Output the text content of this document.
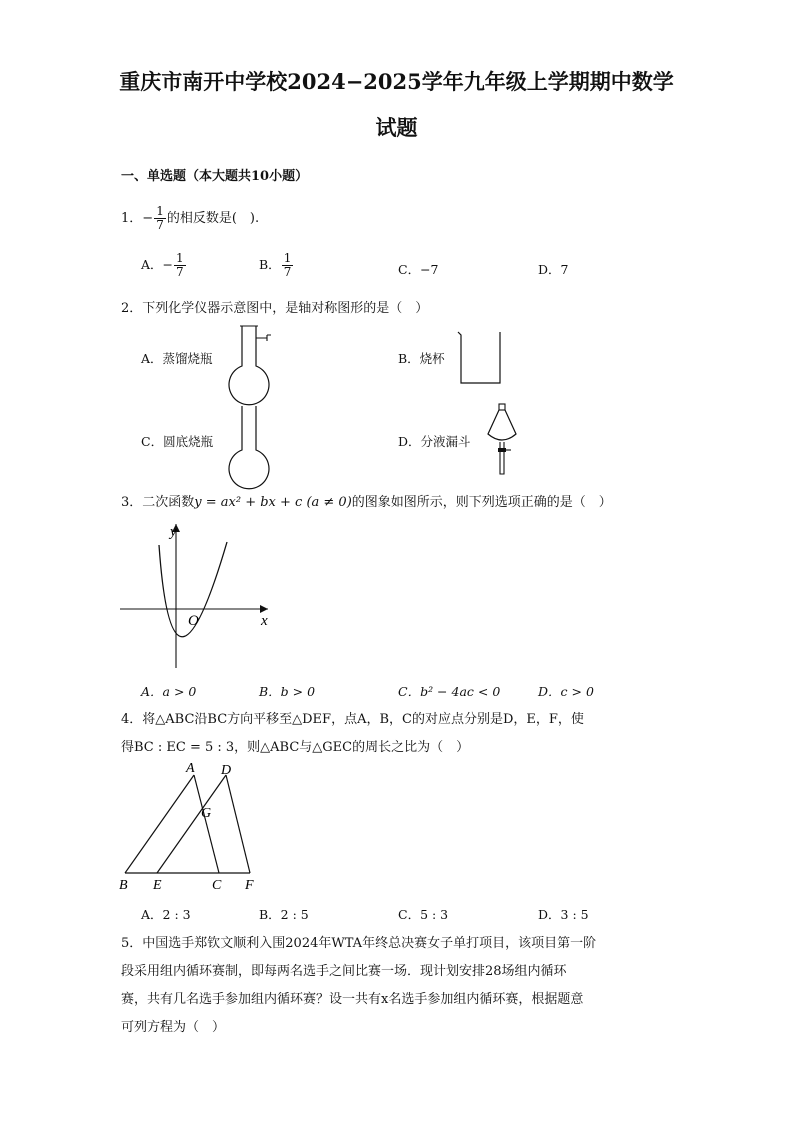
重庆市南开中学校2024−2025学年九年级上学期期中数学
试题
一、单选题（本大题共10小题）
1．− $\frac{1}{7}$ 的相反数是(　).
A．− $\frac{1}{7}$	B． $\frac{1}{7}$	C．−7	D．7
2．下列化学仪器示意图中，是轴对称图形的是（　）
A．蒸馏烧瓶	B．烧杯
C．圆底烧瓶	D．分液漏斗
3．二次函数y = ax² + bx + c (a ≠ 0)的图象如图所示，则下列选项正确的是（　）
y
x
O
A．a > 0	B．b > 0	C．b² − 4ac < 0	D．c > 0
4．将△ABC沿BC方向平移至△DEF，点A，B，C的对应点分别是D，E，F，使
得BC : EC = 5 : 3，则△ABC与△GEC的周长之比为（　）
A D
G
B E	C F
A．2 : 3	B．2 : 5	C．5 : 3	D．3 : 5
5．中国选手郑钦文顺利入围2024年WTA年终总决赛女子单打项目，该项目第一阶
段采用组内循环赛制，即每两名选手之间比赛一场．现计划安排28场组内循环
赛，共有几名选手参加组内循环赛？设一共有x名选手参加组内循环赛，根据题意
可列方程为（　）
